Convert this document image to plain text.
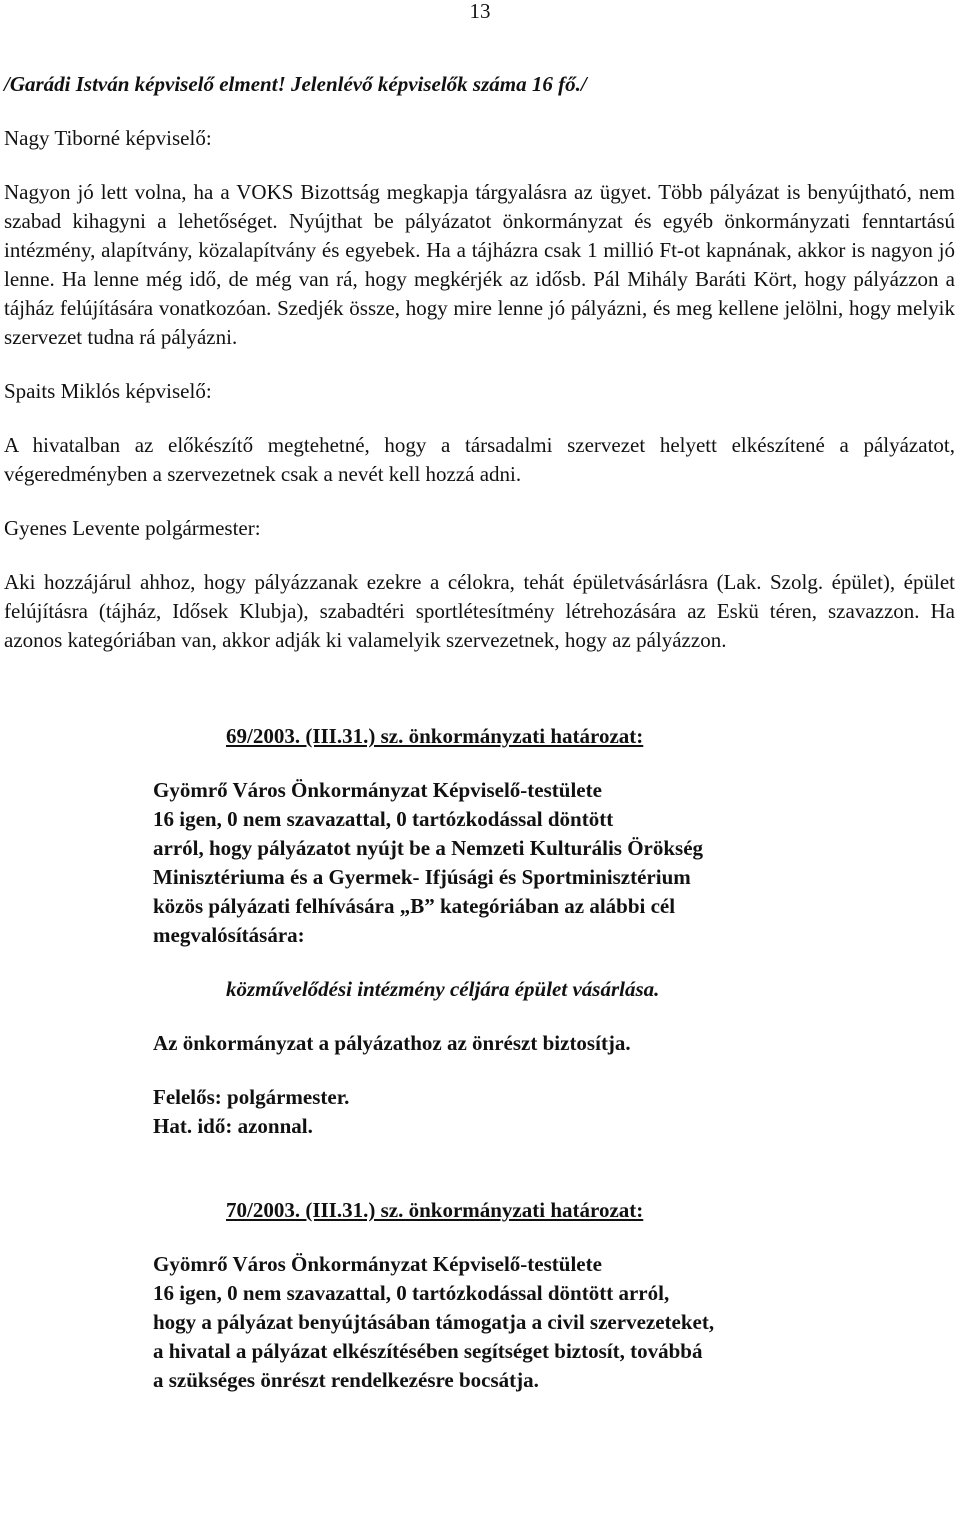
13

/Garádi István képviselő elment! Jelenlévő képviselők száma 16 fő./

Nagy Tiborné képviselő:

Nagyon jó lett volna, ha a VOKS Bizottság megkapja tárgyalásra az ügyet. Több pályázat is benyújtható, nem szabad kihagyni a lehetőséget. Nyújthat be pályázatot önkormányzat és egyéb önkormányzati fenntartású intézmény, alapítvány, közalapítvány és egyebek. Ha a tájházra csak 1 millió Ft-ot kapnának, akkor is nagyon jó lenne. Ha lenne még idő, de még van rá, hogy megkérjék az idősb. Pál Mihály Baráti Kört, hogy pályázzon a tájház felújítására vonatkozóan. Szedjék össze, hogy mire lenne jó pályázni, és meg kellene jelölni, hogy melyik szervezet tudna rá pályázni.

Spaits Miklós képviselő:

A hivatalban az előkészítő megtehetné, hogy a társadalmi szervezet helyett elkészítené a pályázatot, végeredményben a szervezetnek csak a nevét kell hozzá adni.

Gyenes Levente polgármester:

Aki hozzájárul ahhoz, hogy pályázzanak ezekre a célokra, tehát épületvásárlásra (Lak. Szolg. épület), épület felújításra (tájház, Idősek Klubja), szabadtéri sportlétesítmény létrehozására az Eskü téren, szavazzon. Ha azonos kategóriában van, akkor adják ki valamelyik szervezetnek, hogy az pályázzon.

69/2003. (III.31.) sz. önkormányzati határozat:

Gyömrő Város Önkormányzat Képviselő-testülete
16 igen, 0 nem szavazattal, 0 tartózkodással döntött
arról, hogy pályázatot nyújt be a Nemzeti Kulturális Örökség
Minisztériuma és a Gyermek- Ifjúsági és Sportminisztérium
közös pályázati felhívására „B” kategóriában az alábbi cél
megvalósítására:

közművelődési intézmény céljára épület vásárlása.

Az önkormányzat a pályázathoz az önrészt biztosítja.

Felelős: polgármester.
Hat. idő: azonnal.

70/2003. (III.31.) sz. önkormányzati határozat:

Gyömrő Város Önkormányzat Képviselő-testülete
16 igen, 0 nem szavazattal, 0 tartózkodással döntött arról,
hogy a pályázat benyújtásában támogatja a civil szervezeteket,
a hivatal a pályázat elkészítésében segítséget biztosít, továbbá
a szükséges önrészt rendelkezésre bocsátja.
